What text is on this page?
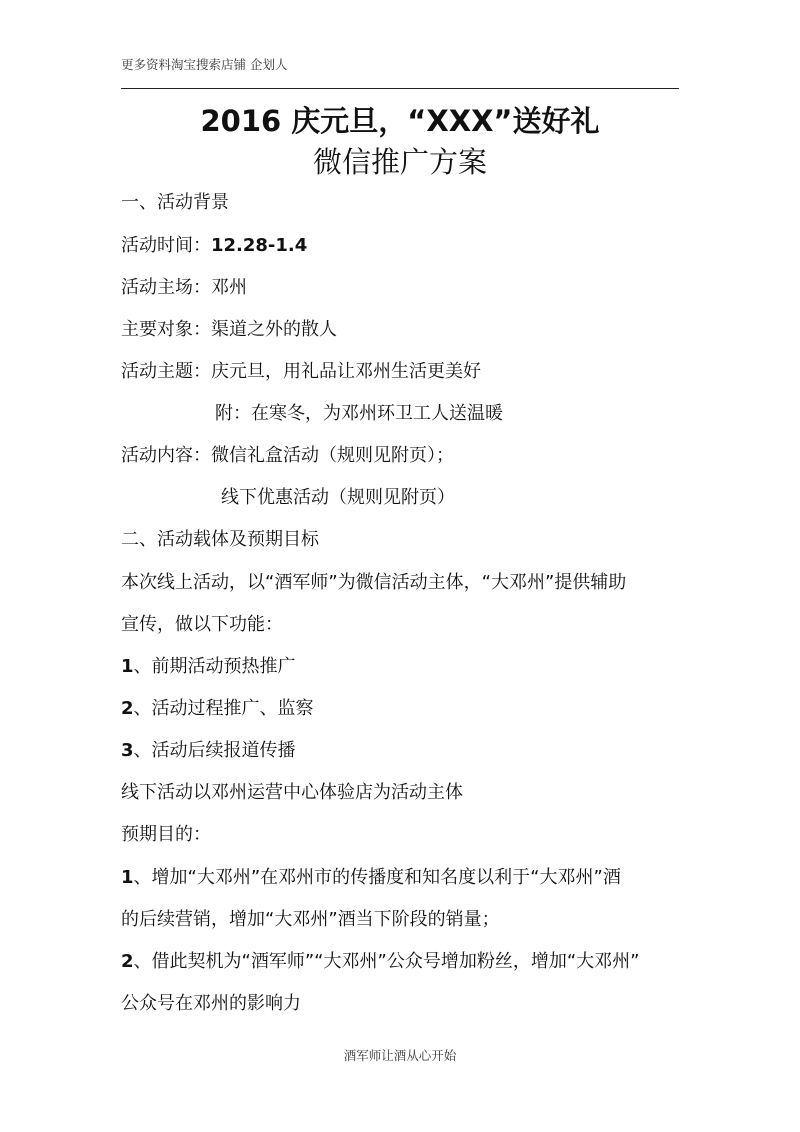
更多资料淘宝搜索店铺 企划人
2016 庆元旦，“XXX”送好礼
微信推广方案
一、活动背景
活动时间：12.28-1.4
活动主场：邓州
主要对象：渠道之外的散人
活动主题：庆元旦，用礼品让邓州生活更美好
附：在寒冬，为邓州环卫工人送温暖
活动内容：微信礼盒活动（规则见附页）；
线下优惠活动（规则见附页）
二、活动载体及预期目标
本次线上活动，以“酒军师”为微信活动主体，“大邓州”提供辅助
宣传，做以下功能：
1、前期活动预热推广
2、活动过程推广、监察
3、活动后续报道传播
线下活动以邓州运营中心体验店为活动主体
预期目的：
1、增加“大邓州”在邓州市的传播度和知名度以利于“大邓州”酒
的后续营销，增加“大邓州”酒当下阶段的销量；
2、借此契机为“酒军师”“大邓州”公众号增加粉丝，增加“大邓州”
公众号在邓州的影响力
酒军师让酒从心开始
